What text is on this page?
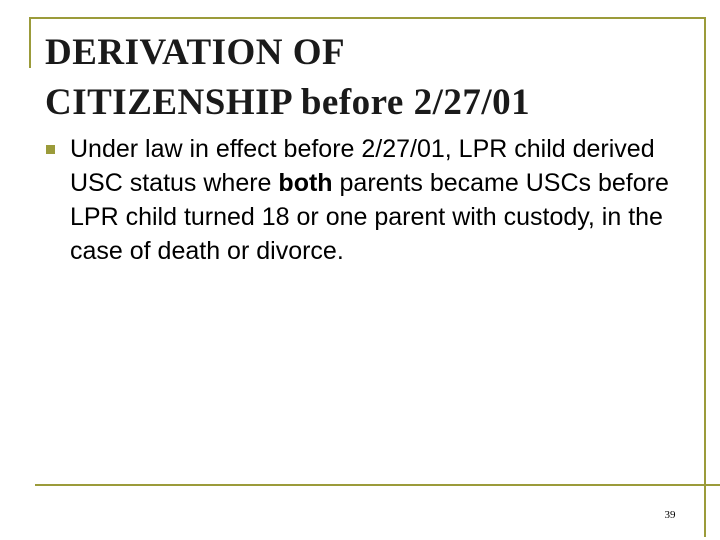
DERIVATION OF
CITIZENSHIP before 2/27/01
Under law in effect before 2/27/01, LPR child derived USC status where both parents became USCs before LPR child turned 18 or one parent with custody, in the case of death or divorce.
39
